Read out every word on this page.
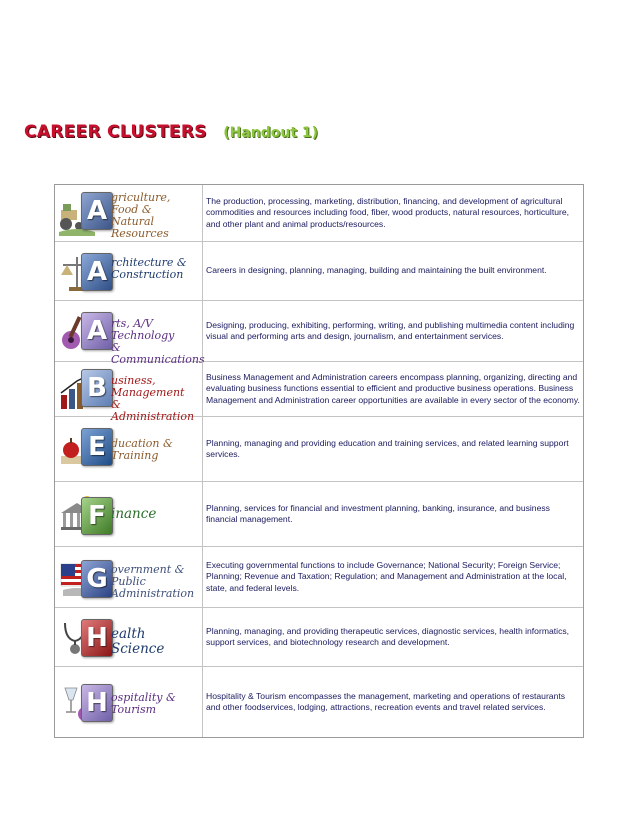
CAREER CLUSTERS (Handout 1)
A griculture, Food &
Natural Resources
The production, processing, marketing, distribution, financing, and development of agricultural commodities and resources including food, fiber, wood products, natural resources, horticulture, and other plant and animal products/resources.
A rchitecture &
Construction	Careers in designing, planning, managing, building and maintaining the built environment.
A rts, A/V Technology
& Communications
Designing, producing, exhibiting, performing, writing, and publishing multimedia content including visual and performing arts and design, journalism, and entertainment services.
B usiness, Management
& Administration
Business Management and Administration careers encompass planning, organizing, directing and evaluating business functions essential to efficient and productive business operations. Business Management and Administration career opportunities are available in every sector of the economy.
E ducation &
Training
Planning, managing and providing education and training services, and related learning support services.
F inance	Planning, services for financial and investment planning, banking, insurance, and business financial management.
G overnment & Public
Administration
Executing governmental functions to include Governance; National Security; Foreign Service; Planning; Revenue and Taxation; Regulation; and Management and Administration at the local, state, and federal levels.
H ealth Science
Planning, managing, and providing therapeutic services, diagnostic services, health informatics, support services, and biotechnology research and development.
H ospitality &
Tourism
Hospitality & Tourism encompasses the management, marketing and operations of restaurants and other foodservices, lodging, attractions, recreation events and travel related services.
